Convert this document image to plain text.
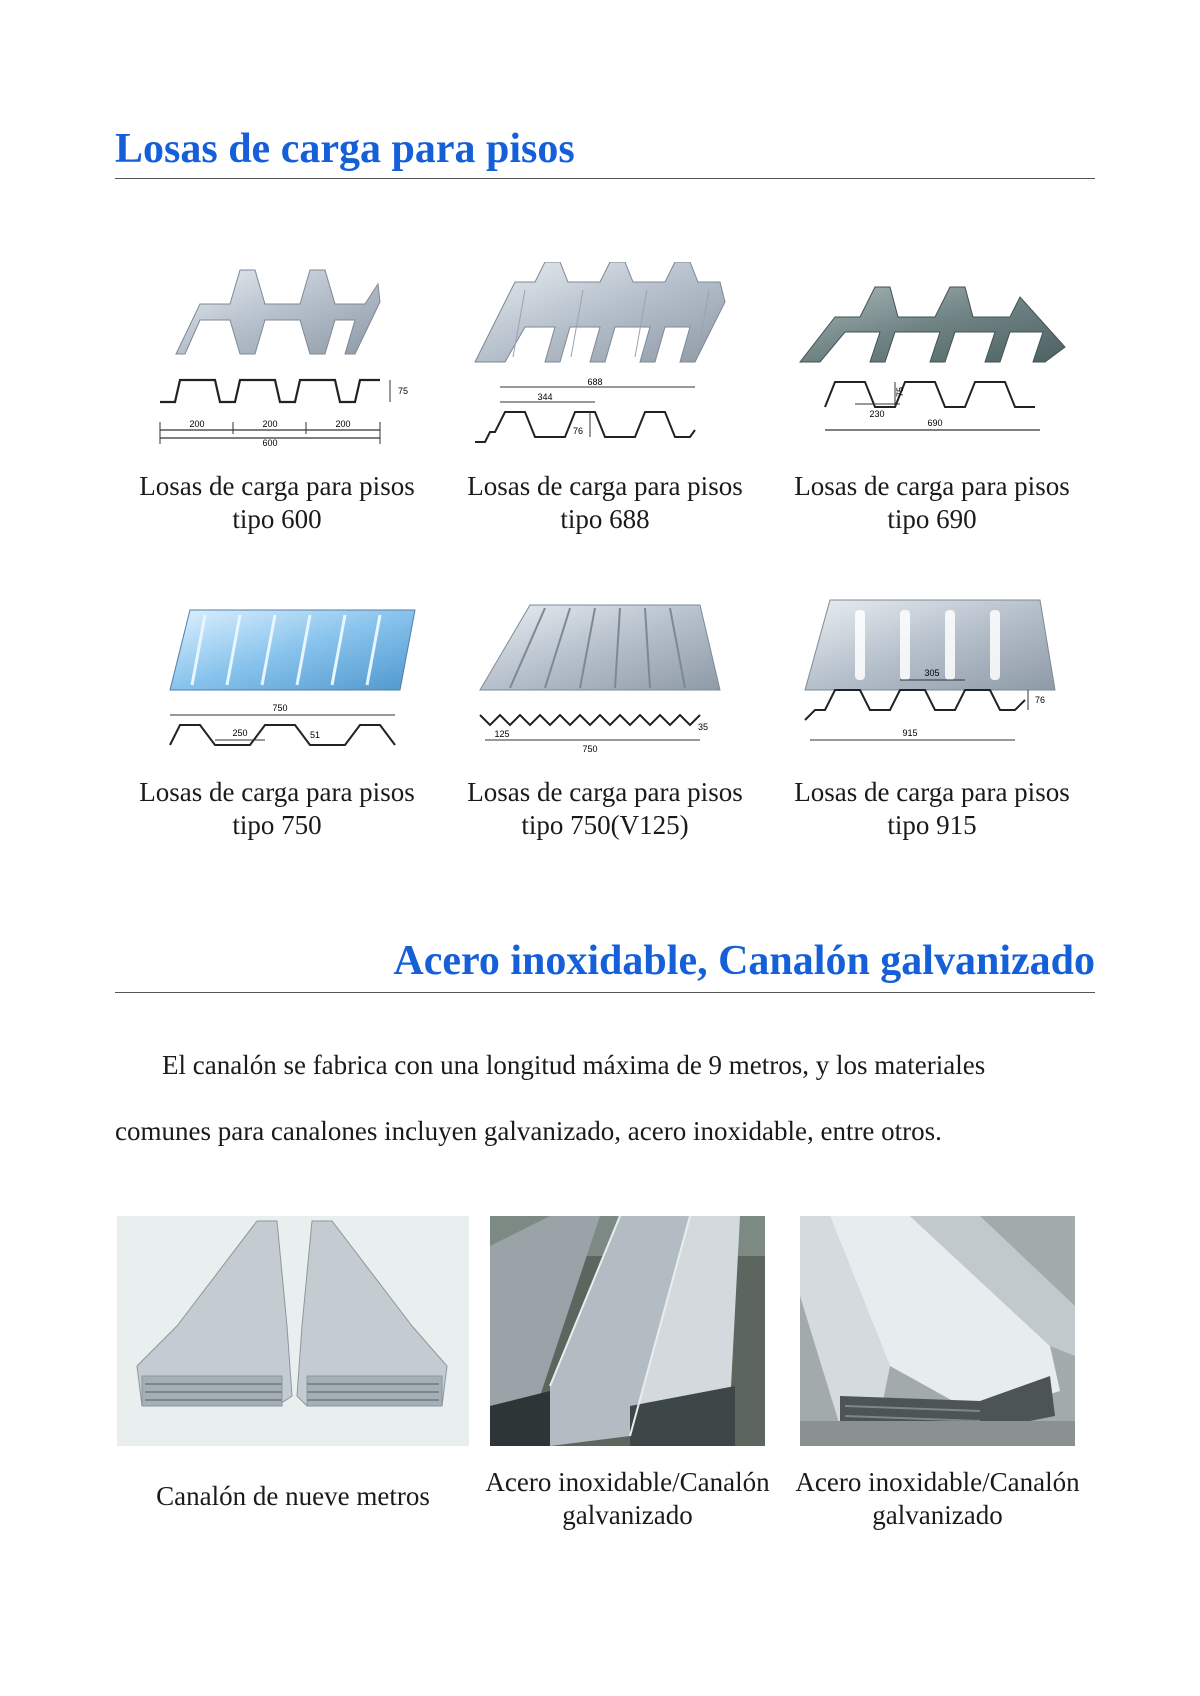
Losas de carga para pisos
200	200	200
600
75
Losas de carga para pisos
tipo 600
688
344
76
Losas de carga para pisos
tipo 688
75
230
690
Losas de carga para pisos
tipo 690
750
250	51
Losas de carga para pisos
tipo 750
125
750
35
Losas de carga para pisos
tipo 750(V125)
305
915
76
Losas de carga para pisos
tipo 915
Acero inoxidable, Canalón galvanizado

El canalón se fabrica con una longitud máxima de 9 metros, y los materiales

comunes para canalones incluyen galvanizado, acero inoxidable, entre otros.

Canalón de nueve metros	Acero inoxidable/Canalón
galvanizado
Acero inoxidable/Canalón
galvanizado
